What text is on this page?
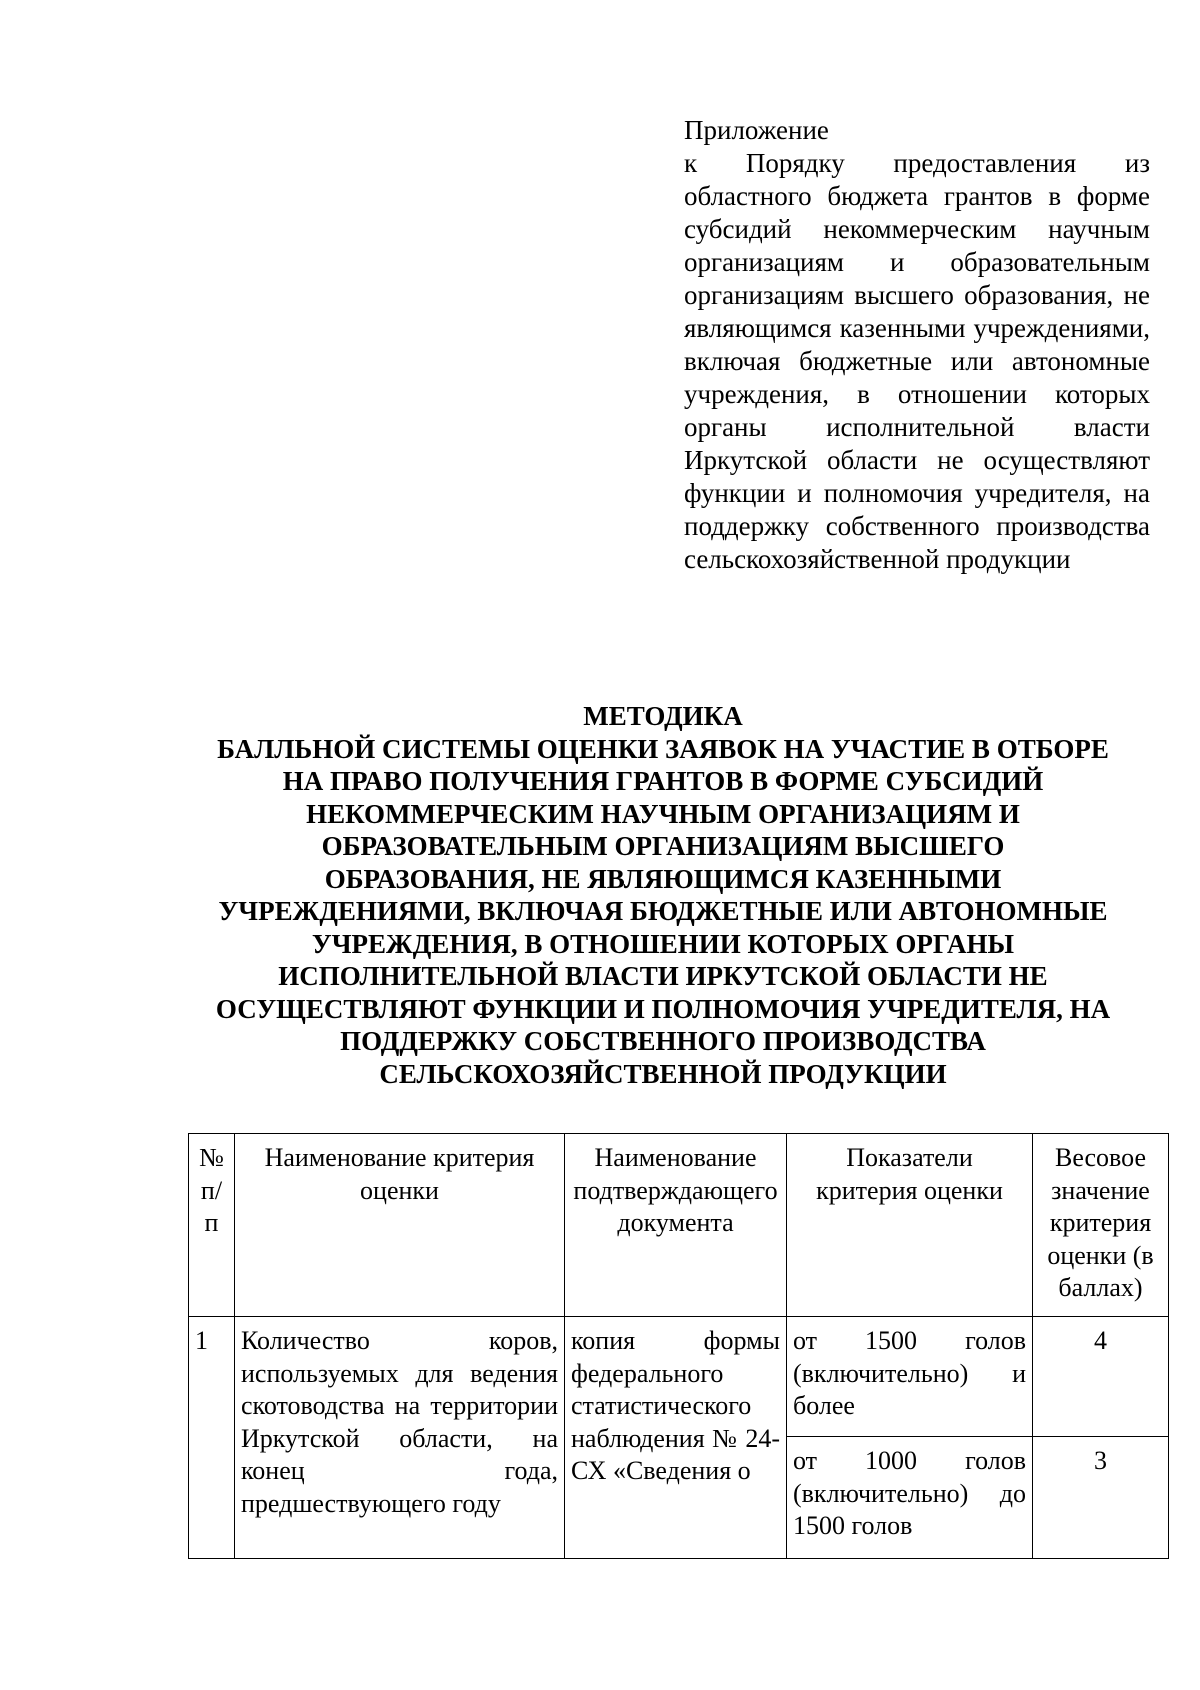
Приложение
к Порядку предоставления из областного бюджета грантов в форме субсидий некоммерческим научным организациям и образовательным организациям высшего образования, не являющимся казенными учреждениями, включая бюджетные или автономные учреждения, в отношении которых органы исполнительной власти Иркутской области не осуществляют функции и полномочия учредителя, на поддержку собственного производства сельскохозяйственной продукции
МЕТОДИКА
БАЛЛЬНОЙ СИСТЕМЫ ОЦЕНКИ ЗАЯВОК НА УЧАСТИЕ В ОТБОРЕ
НА ПРАВО ПОЛУЧЕНИЯ ГРАНТОВ В ФОРМЕ СУБСИДИЙ
НЕКОММЕРЧЕСКИМ НАУЧНЫМ ОРГАНИЗАЦИЯМ И
ОБРАЗОВАТЕЛЬНЫМ ОРГАНИЗАЦИЯМ ВЫСШЕГО
ОБРАЗОВАНИЯ, НЕ ЯВЛЯЮЩИМСЯ КАЗЕННЫМИ
УЧРЕЖДЕНИЯМИ, ВКЛЮЧАЯ БЮДЖЕТНЫЕ ИЛИ АВТОНОМНЫЕ
УЧРЕЖДЕНИЯ, В ОТНОШЕНИИ КОТОРЫХ ОРГАНЫ
ИСПОЛНИТЕЛЬНОЙ ВЛАСТИ ИРКУТСКОЙ ОБЛАСТИ НЕ
ОСУЩЕСТВЛЯЮТ ФУНКЦИИ И ПОЛНОМОЧИЯ УЧРЕДИТЕЛЯ, НА
ПОДДЕРЖКУ СОБСТВЕННОГО ПРОИЗВОДСТВА
СЕЛЬСКОХОЗЯЙСТВЕННОЙ ПРОДУКЦИИ
№ п/п	Наименование критерия оценки	Наименование подтверждающего документа	Показатели критерия оценки	Весовое значение критерия оценки (в баллах)
1	Количество коров, используемых для ведения скотоводства на территории Иркутской области, на конец года, предшествующего году	копия формы федерального статистического наблюдения № 24-СХ «Сведения о	от 1500 голов (включительно) и более	4
			от 1000 голов (включительно) до 1500 голов	3
